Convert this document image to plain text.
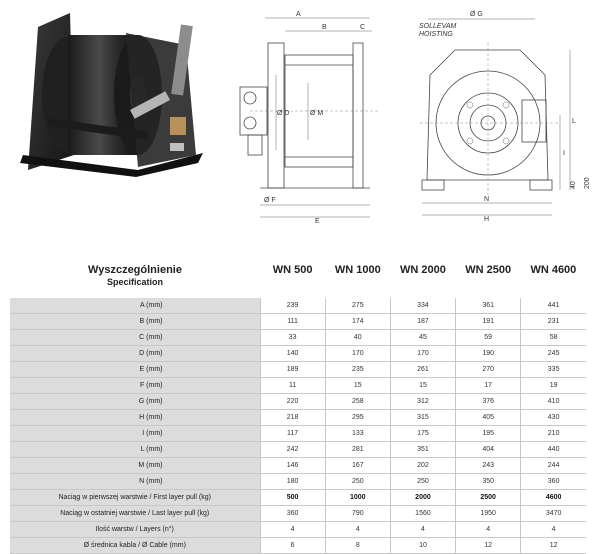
A
B	C
Ø M
Ø D
Ø F
E
Ø G
SOLLEVAM
HOISTING
N
H
I
L
40 200
Wyszczególnienie
Specification	WN 500	WN 1000	WN 2000	WN 2500	WN 4600
A (mm)	239	275	334	361	441
B (mm)	111	174	187	191	231
C (mm)	33	40	45	59	58
D (mm)	140	170	170	190	245
E (mm)	189	235	261	270	335
F (mm)	11	15	15	17	19
G (mm)	220	258	312	376	410
H (mm)	218	295	315	405	430
I (mm)	117	133	175	195	210
L (mm)	242	281	351	404	440
M (mm)	146	167	202	243	244
N (mm)	180	250	250	350	360
Naciąg w pierwszej warstwie / First layer pull (kg)	500	1000	2000	2500	4600
Naciąg w ostatniej warstwie / Last layer pull (kg)	360	790	1560	1950	3470
Ilość warstw / Layers (n°)	4	4	4	4	4
Ø średnica kabla / Ø Cable (mm)	6	8	10	12	12
